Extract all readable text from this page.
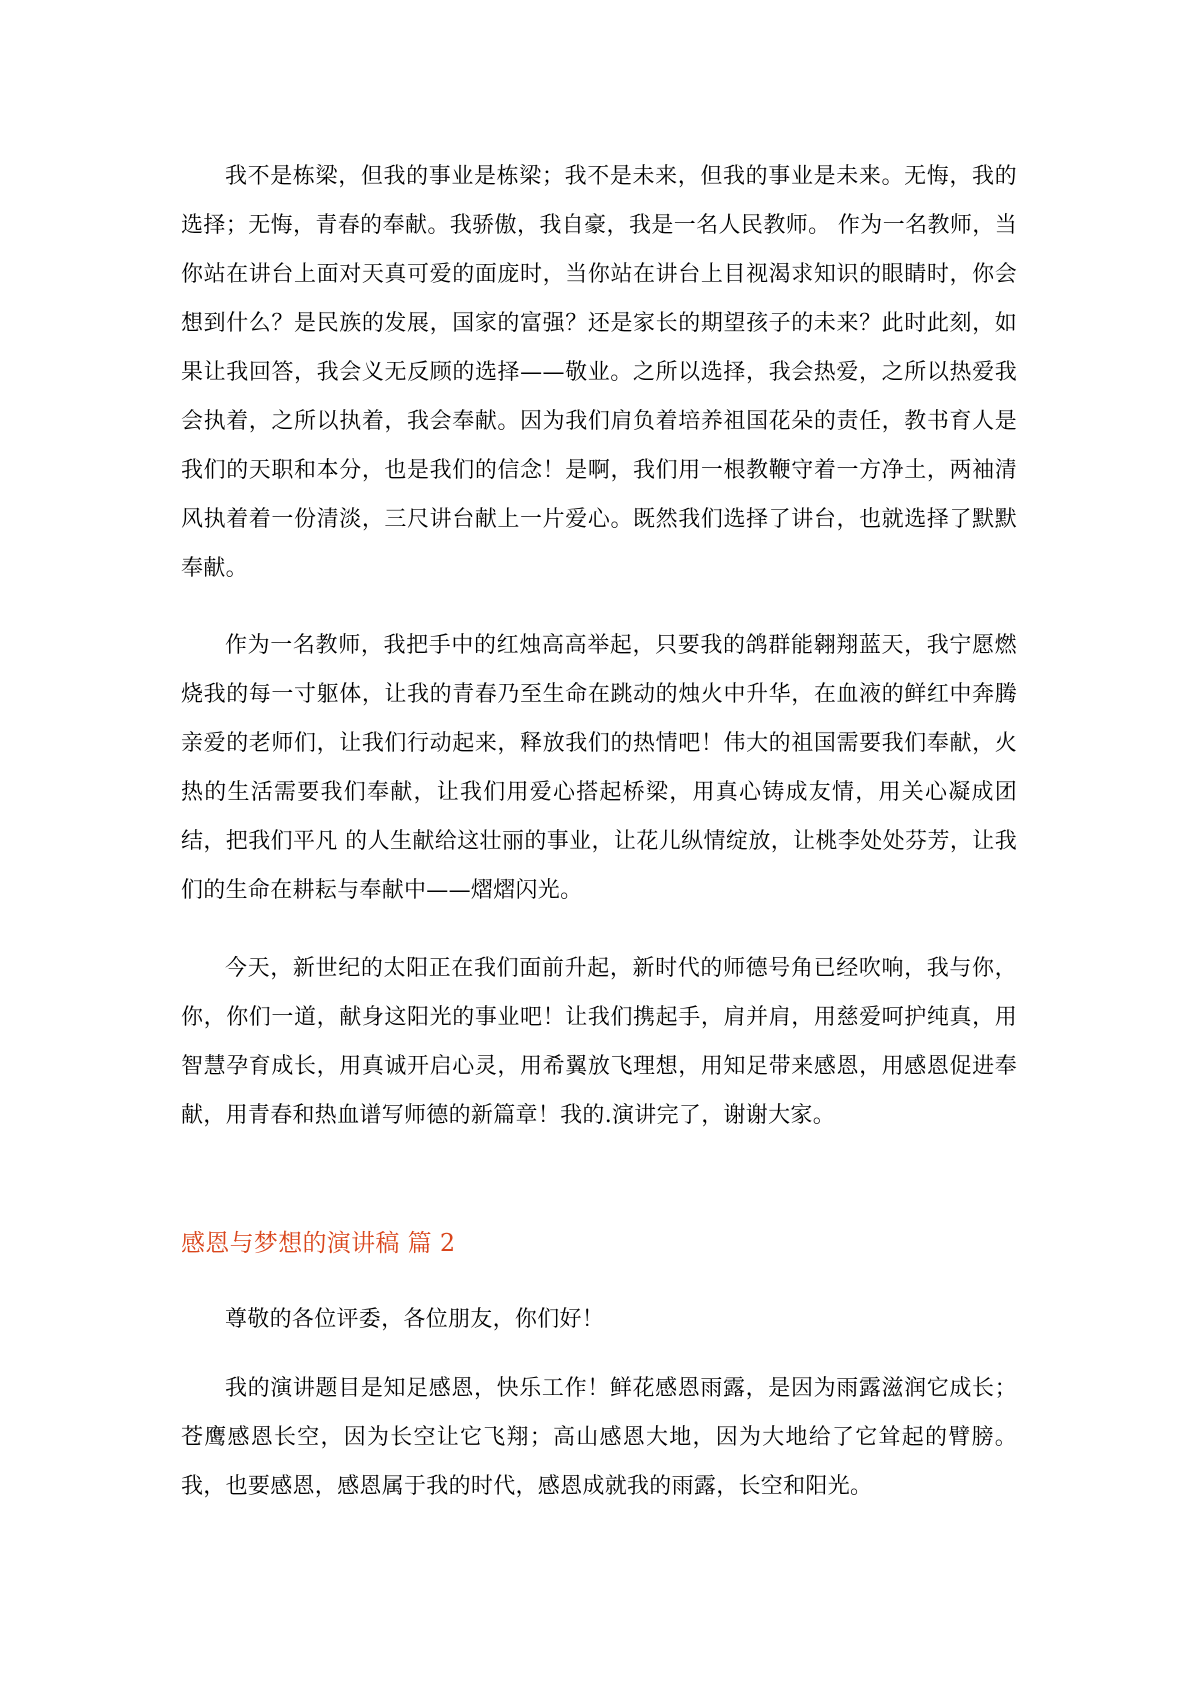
我不是栋梁，但我的事业是栋梁；我不是未来，但我的事业是未来。无悔，我的选择；无悔，青春的奉献。我骄傲，我自豪，我是一名人民教师。 作为一名教师，当你站在讲台上面对天真可爱的面庞时，当你站在讲台上目视渴求知识的眼睛时，你会想到什么？是民族的发展，国家的富强？还是家长的期望孩子的未来？此时此刻，如果让我回答，我会义无反顾的选择——敬业。之所以选择，我会热爱，之所以热爱我会执着，之所以执着，我会奉献。因为我们肩负着培养祖国花朵的责任，教书育人是我们的天职和本分，也是我们的信念！是啊，我们用一根教鞭守着一方净土，两袖清风执着着一份清淡，三尺讲台献上一片爱心。既然我们选择了讲台，也就选择了默默奉献。

作为一名教师，我把手中的红烛高高举起，只要我的鸽群能翱翔蓝天，我宁愿燃烧我的每一寸躯体，让我的青春乃至生命在跳动的烛火中升华，在血液的鲜红中奔腾亲爱的老师们，让我们行动起来，释放我们的热情吧！伟大的祖国需要我们奉献，火热的生活需要我们奉献，让我们用爱心搭起桥梁，用真心铸成友情，用关心凝成团结，把我们平凡 的人生献给这壮丽的事业，让花儿纵情绽放，让桃李处处芬芳，让我们的生命在耕耘与奉献中——熠熠闪光。

今天，新世纪的太阳正在我们面前升起，新时代的师德号角已经吹响，我与你，你，你们一道，献身这阳光的事业吧！让我们携起手，肩并肩，用慈爱呵护纯真，用智慧孕育成长，用真诚开启心灵，用希翼放飞理想，用知足带来感恩，用感恩促进奉献，用青春和热血谱写师德的新篇章！我的.演讲完了，谢谢大家。

感恩与梦想的演讲稿 篇 2

尊敬的各位评委，各位朋友，你们好！

我的演讲题目是知足感恩，快乐工作！鲜花感恩雨露，是因为雨露滋润它成长；苍鹰感恩长空，因为长空让它飞翔；高山感恩大地，因为大地给了它耸起的臂膀。我，也要感恩，感恩属于我的时代，感恩成就我的雨露，长空和阳光。
